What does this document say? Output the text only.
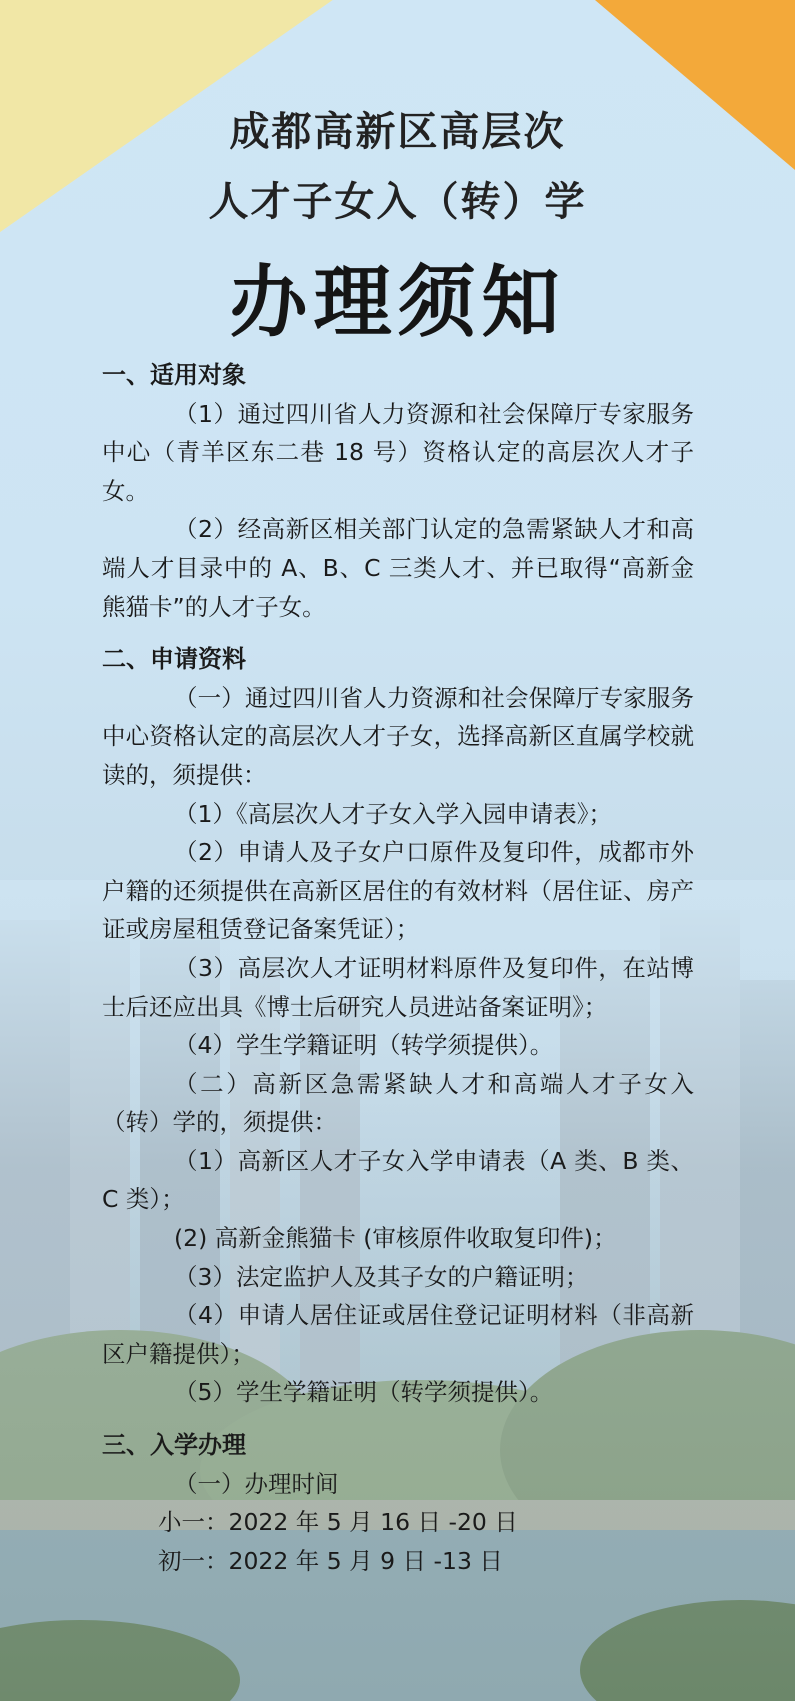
成都高新区高层次
人才子女入（转）学
办理须知

一、适用对象

（1）通过四川省人力资源和社会保障厅专家服务中心（青羊区东二巷 18 号）资格认定的高层次人才子女。

（2）经高新区相关部门认定的急需紧缺人才和高端人才目录中的 A、B、C 三类人才、并已取得“高新金熊猫卡”的人才子女。

二、申请资料

（一）通过四川省人力资源和社会保障厅专家服务中心资格认定的高层次人才子女，选择高新区直属学校就读的，须提供：

（1）《高层次人才子女入学入园申请表》；

（2）申请人及子女户口原件及复印件，成都市外户籍的还须提供在高新区居住的有效材料（居住证、房产证或房屋租赁登记备案凭证）；

（3）高层次人才证明材料原件及复印件，在站博士后还应出具《博士后研究人员进站备案证明》；

（4）学生学籍证明（转学须提供）。

（二）高新区急需紧缺人才和高端人才子女入（转）学的，须提供：

（1）高新区人才子女入学申请表（A 类、B 类、C 类）；

(2) 高新金熊猫卡 (审核原件收取复印件)；

（3）法定监护人及其子女的户籍证明；

（4）申请人居住证或居住登记证明材料（非高新区户籍提供）；

（5）学生学籍证明（转学须提供）。

三、入学办理

（一）办理时间

小一：2022 年 5 月 16 日 -20 日

初一：2022 年 5 月 9 日 -13 日
